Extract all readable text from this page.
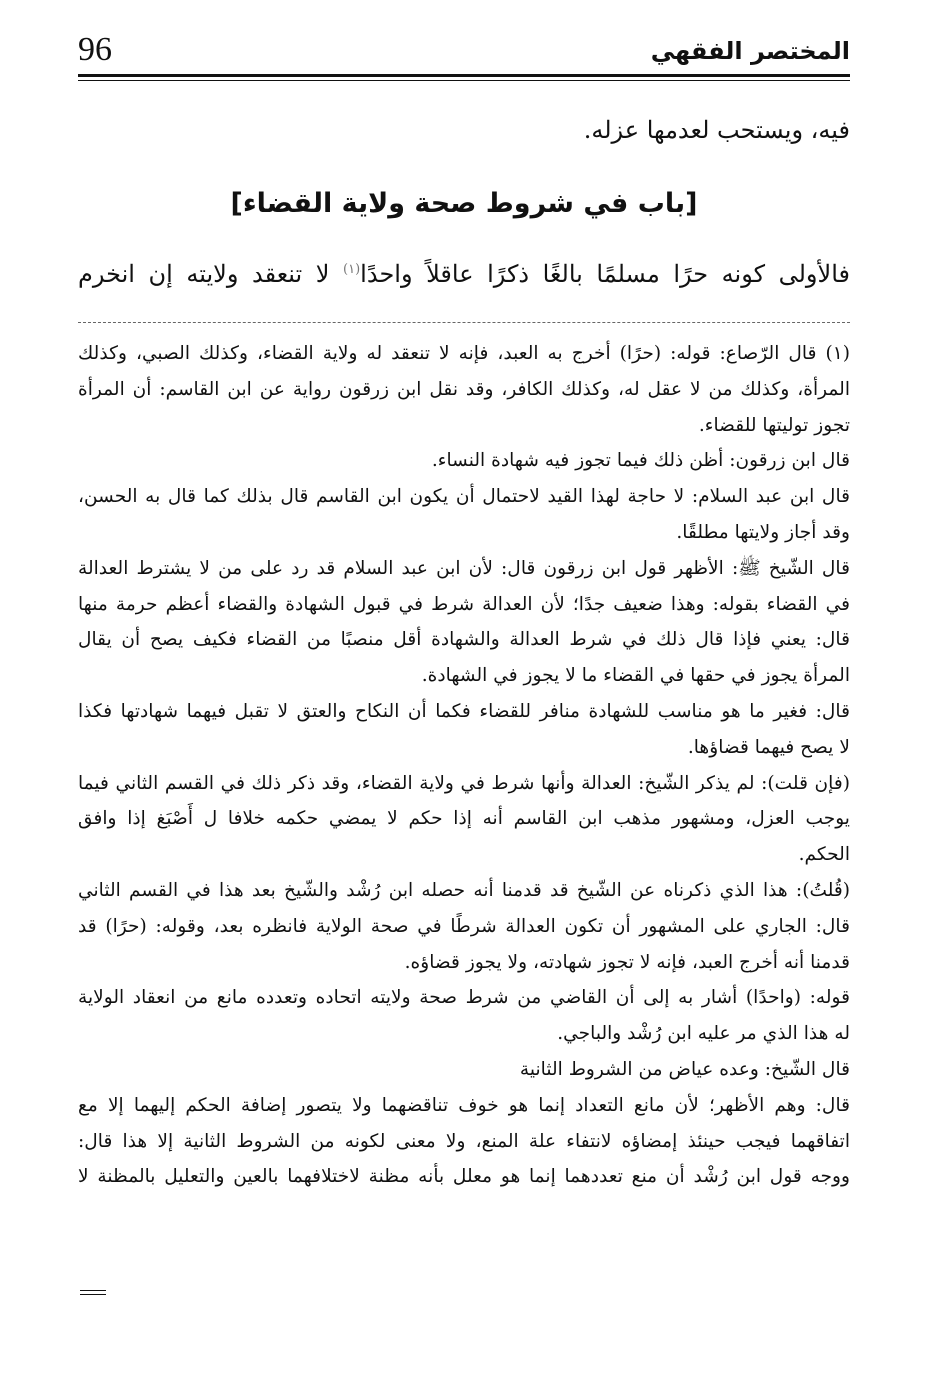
96	المختصر الفقهي
فيه، ويستحب لعدمها عزله.
[باب في شروط صحة ولاية القضاء]
فالأولى كونه حرًا مسلمًا بالغًا ذكرًا عاقلاً واحدًا(١) لا تنعقد ولايته إن انخرم
(١) قال الرّصاع: قوله: (حرًا) أخرج به العبد، فإنه لا تنعقد له ولاية القضاء، وكذلك الصبي، وكذلك
المرأة، وكذلك من لا عقل له، وكذلك الكافر، وقد نقل ابن زرقون رواية عن ابن القاسم: أن المرأة
تجوز توليتها للقضاء.
قال ابن زرقون: أظن ذلك فيما تجوز فيه شهادة النساء.
قال ابن عبد السلام: لا حاجة لهذا القيد لاحتمال أن يكون ابن القاسم قال بذلك كما قال به الحسن،
وقد أجاز ولايتها مطلقًا.
قال الشّيخ ﷺ: الأظهر قول ابن زرقون قال: لأن ابن عبد السلام قد رد على من لا يشترط العدالة
في القضاء بقوله: وهذا ضعيف جدًا؛ لأن العدالة شرط في قبول الشهادة والقضاء أعظم حرمة منها
قال: يعني فإذا قال ذلك في شرط العدالة والشهادة أقل منصبًا من القضاء فكيف يصح أن يقال
المرأة يجوز في حقها في القضاء ما لا يجوز في الشهادة.
قال: فغير ما هو مناسب للشهادة منافر للقضاء فكما أن النكاح والعتق لا تقبل فيهما شهادتها فكذا
لا يصح فيهما قضاؤها.
(فإن قلت): لم يذكر الشّيخ: العدالة وأنها شرط في ولاية القضاء، وقد ذكر ذلك في القسم الثاني فيما
يوجب العزل، ومشهور مذهب ابن القاسم أنه إذا حكم لا يمضي حكمه خلافا ل أَصْبَغ إذا وافق
الحكم.
(قُلتُ): هذا الذي ذكرناه عن الشّيخ قد قدمنا أنه حصله ابن رُشْد والشّيخ بعد هذا في القسم الثاني
قال: الجاري على المشهور أن تكون العدالة شرطًا في صحة الولاية فانظره بعد، وقوله: (حرًا) قد
قدمنا أنه أخرج العبد، فإنه لا تجوز شهادته، ولا يجوز قضاؤه.
قوله: (واحدًا) أشار به إلى أن القاضي من شرط صحة ولايته اتحاده وتعدده مانع من انعقاد الولاية
له هذا الذي مر عليه ابن رُشْد والباجي.
قال الشّيخ: وعده عياض من الشروط الثانية
قال: وهم الأظهر؛ لأن مانع التعداد إنما هو خوف تناقضهما ولا يتصور إضافة الحكم إليهما إلا مع
اتفاقهما فيجب حينئذ إمضاؤه لانتفاء علة المنع، ولا معنى لكونه من الشروط الثانية إلا هذا قال:
ووجه قول ابن رُشْد أن منع تعددهما إنما هو معلل بأنه مظنة لاختلافهما بالعين والتعليل بالمظنة لا
